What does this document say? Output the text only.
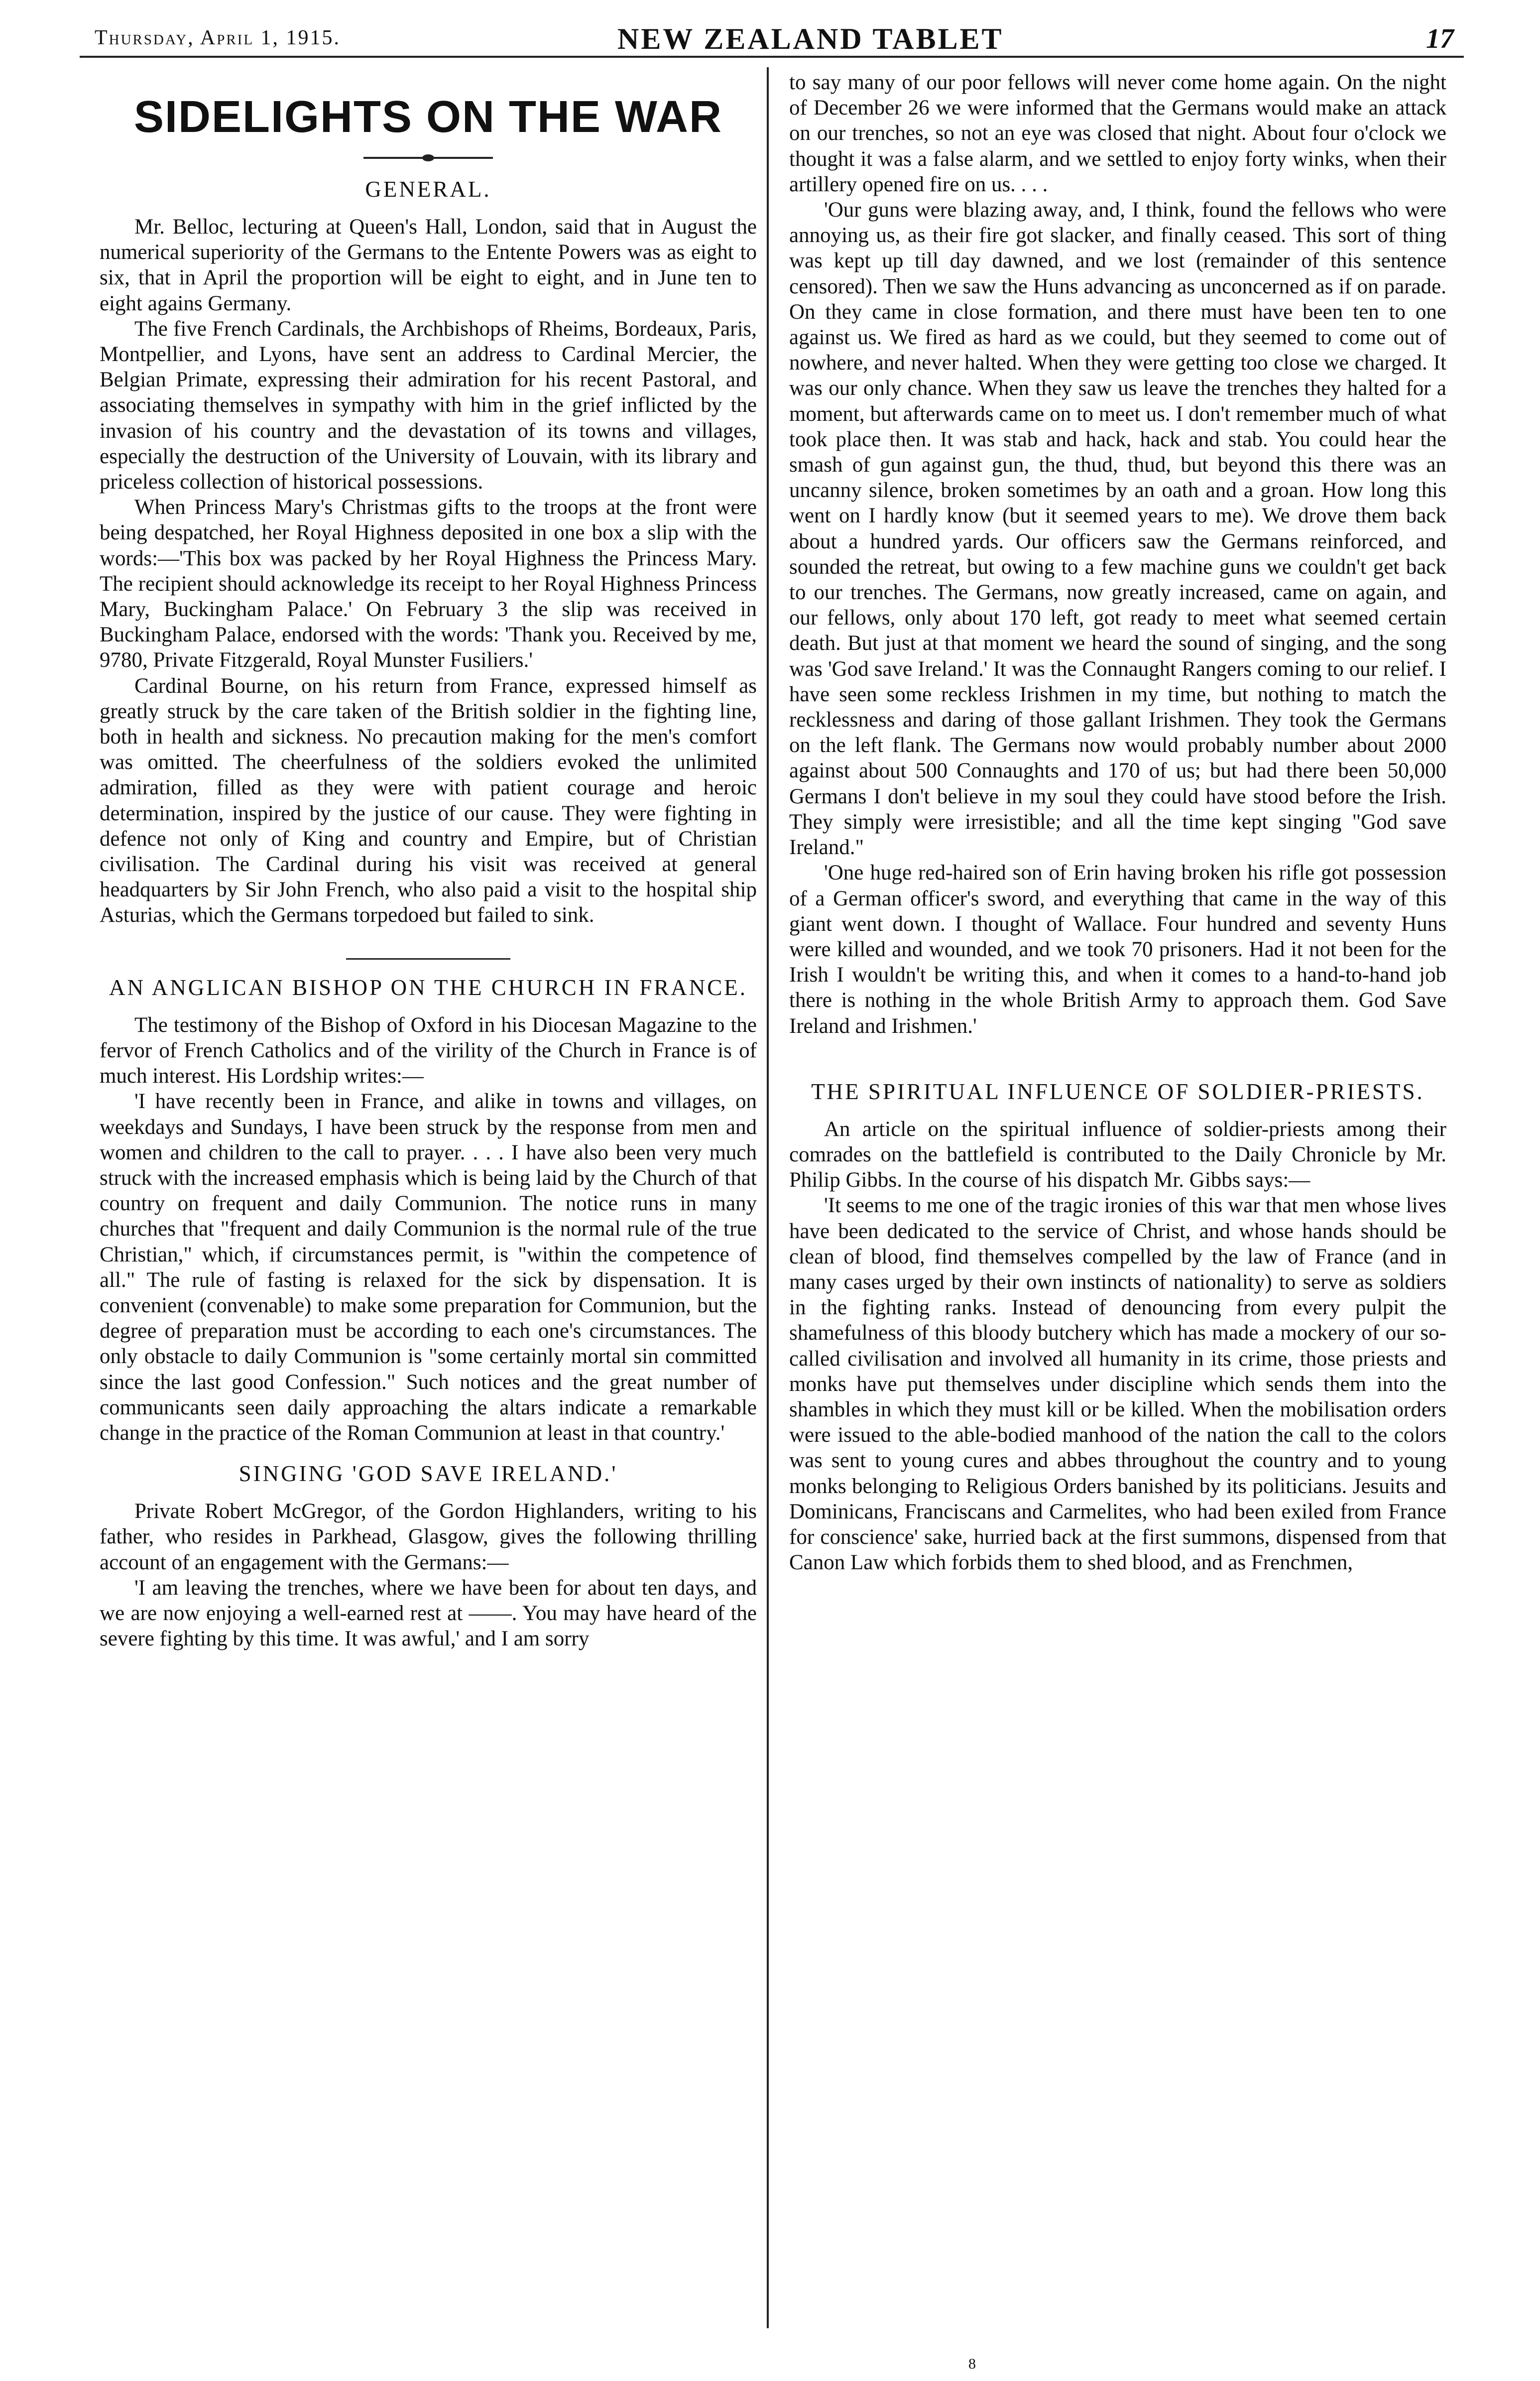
Thursday, April 1, 1915.	NEW ZEALAND TABLET	17
SIDELIGHTS ON THE WAR
GENERAL.

Mr. Belloc, lecturing at Queen's Hall, London, said that in August the numerical superiority of the Germans to the Entente Powers was as eight to six, that in April the proportion will be eight to eight, and in June ten to eight agains Germany.

The five French Cardinals, the Archbishops of Rheims, Bordeaux, Paris, Montpellier, and Lyons, have sent an address to Cardinal Mercier, the Belgian Primate, expressing their admiration for his recent Pastoral, and associating themselves in sympathy with him in the grief inflicted by the invasion of his country and the devastation of its towns and villages, especially the destruction of the University of Louvain, with its library and priceless collection of historical possessions.

When Princess Mary's Christmas gifts to the troops at the front were being despatched, her Royal Highness deposited in one box a slip with the words:—'This box was packed by her Royal Highness the Princess Mary. The recipient should acknowledge its receipt to her Royal Highness Princess Mary, Buckingham Palace.' On February 3 the slip was received in Buckingham Palace, endorsed with the words: 'Thank you. Received by me, 9780, Private Fitzgerald, Royal Munster Fusiliers.'

Cardinal Bourne, on his return from France, expressed himself as greatly struck by the care taken of the British soldier in the fighting line, both in health and sickness. No precaution making for the men's comfort was omitted. The cheerfulness of the soldiers evoked the unlimited admiration, filled as they were with patient courage and heroic determination, inspired by the justice of our cause. They were fighting in defence not only of King and country and Empire, but of Christian civilisation. The Cardinal during his visit was received at general headquarters by Sir John French, who also paid a visit to the hospital ship Asturias, which the Germans torpedoed but failed to sink.

AN ANGLICAN BISHOP ON THE CHURCH IN FRANCE.

The testimony of the Bishop of Oxford in his Diocesan Magazine to the fervor of French Catholics and of the virility of the Church in France is of much interest. His Lordship writes:—

'I have recently been in France, and alike in towns and villages, on weekdays and Sundays, I have been struck by the response from men and women and children to the call to prayer. . . . I have also been very much struck with the increased emphasis which is being laid by the Church of that country on frequent and daily Communion. The notice runs in many churches that "frequent and daily Communion is the normal rule of the true Christian," which, if circumstances permit, is "within the competence of all." The rule of fasting is relaxed for the sick by dispensation. It is convenient (convenable) to make some preparation for Communion, but the degree of preparation must be according to each one's circumstances. The only obstacle to daily Communion is "some certainly mortal sin committed since the last good Confession." Such notices and the great number of communicants seen daily approaching the altars indicate a remarkable change in the practice of the Roman Communion at least in that country.'

SINGING 'GOD SAVE IRELAND.'

Private Robert McGregor, of the Gordon Highlanders, writing to his father, who resides in Parkhead, Glasgow, gives the following thrilling account of an engagement with the Germans:—

'I am leaving the trenches, where we have been for about ten days, and we are now enjoying a well-earned rest at ——. You may have heard of the severe fighting by this time. It was awful,' and I am sorry

to say many of our poor fellows will never come home again. On the night of December 26 we were informed that the Germans would make an attack on our trenches, so not an eye was closed that night. About four o'clock we thought it was a false alarm, and we settled to enjoy forty winks, when their artillery opened fire on us. . . .

'Our guns were blazing away, and, I think, found the fellows who were annoying us, as their fire got slacker, and finally ceased. This sort of thing was kept up till day dawned, and we lost (remainder of this sentence censored). Then we saw the Huns advancing as unconcerned as if on parade. On they came in close formation, and there must have been ten to one against us. We fired as hard as we could, but they seemed to come out of nowhere, and never halted. When they were getting too close we charged. It was our only chance. When they saw us leave the trenches they halted for a moment, but afterwards came on to meet us. I don't remember much of what took place then. It was stab and hack, hack and stab. You could hear the smash of gun against gun, the thud, thud, but beyond this there was an uncanny silence, broken sometimes by an oath and a groan. How long this went on I hardly know (but it seemed years to me). We drove them back about a hundred yards. Our officers saw the Germans reinforced, and sounded the retreat, but owing to a few machine guns we couldn't get back to our trenches. The Germans, now greatly increased, came on again, and our fellows, only about 170 left, got ready to meet what seemed certain death. But just at that moment we heard the sound of singing, and the song was 'God save Ireland.' It was the Connaught Rangers coming to our relief. I have seen some reckless Irishmen in my time, but nothing to match the recklessness and daring of those gallant Irishmen. They took the Germans on the left flank. The Germans now would probably number about 2000 against about 500 Connaughts and 170 of us; but had there been 50,000 Germans I don't believe in my soul they could have stood before the Irish. They simply were irresistible; and all the time kept singing "God save Ireland."

'One huge red-haired son of Erin having broken his rifle got possession of a German officer's sword, and everything that came in the way of this giant went down. I thought of Wallace. Four hundred and seventy Huns were killed and wounded, and we took 70 prisoners. Had it not been for the Irish I wouldn't be writing this, and when it comes to a hand-to-hand job there is nothing in the whole British Army to approach them. God Save Ireland and Irishmen.'

THE SPIRITUAL INFLUENCE OF SOLDIER-PRIESTS.

An article on the spiritual influence of soldier-priests among their comrades on the battlefield is contributed to the Daily Chronicle by Mr. Philip Gibbs. In the course of his dispatch Mr. Gibbs says:—

'It seems to me one of the tragic ironies of this war that men whose lives have been dedicated to the service of Christ, and whose hands should be clean of blood, find themselves compelled by the law of France (and in many cases urged by their own instincts of nationality) to serve as soldiers in the fighting ranks. Instead of denouncing from every pulpit the shamefulness of this bloody butchery which has made a mockery of our so-called civilisation and involved all humanity in its crime, those priests and monks have put themselves under discipline which sends them into the shambles in which they must kill or be killed. When the mobilisation orders were issued to the able-bodied manhood of the nation the call to the colors was sent to young cures and abbes throughout the country and to young monks belonging to Religious Orders banished by its politicians. Jesuits and Dominicans, Franciscans and Carmelites, who had been exiled from France for conscience' sake, hurried back at the first summons, dispensed from that Canon Law which forbids them to shed blood, and as Frenchmen,

8
